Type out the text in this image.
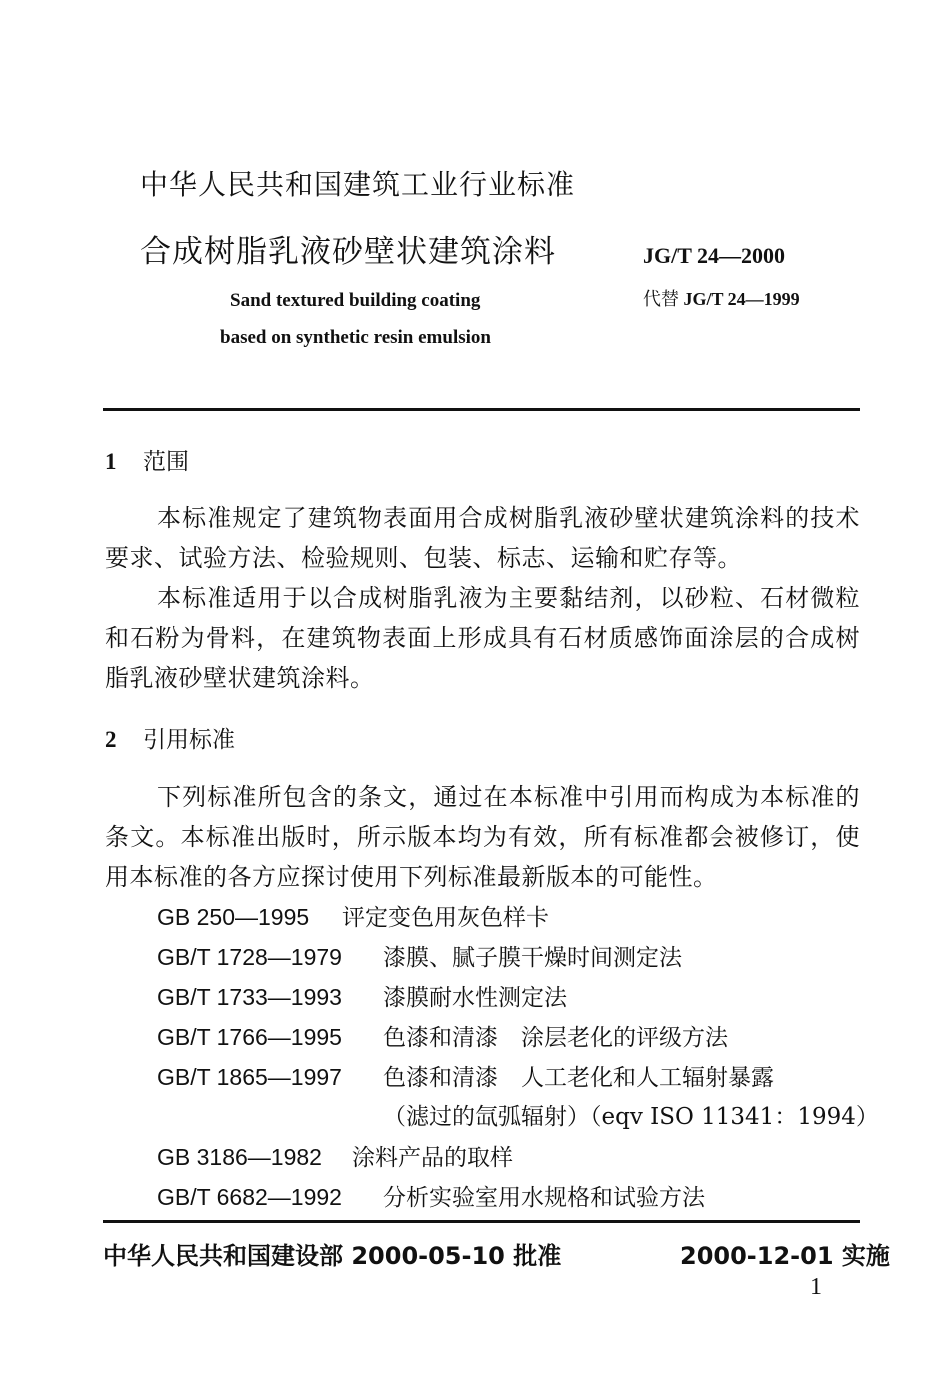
中华人民共和国建筑工业行业标准
合成树脂乳液砂壁状建筑涂料	JG/T 24—2000
代替 JG/T 24—1999
Sand textured building coating
based on synthetic resin emulsion
1 范围
本标准规定了建筑物表面用合成树脂乳液砂壁状建筑涂料的技术要求、试验方法、检验规则、包装、标志、运输和贮存等。
本标准适用于以合成树脂乳液为主要黏结剂，以砂粒、石材微粒和石粉为骨料，在建筑物表面上形成具有石材质感饰面涂层的合成树脂乳液砂壁状建筑涂料。
2 引用标准
下列标准所包含的条文，通过在本标准中引用而构成为本标准的条文。本标准出版时，所示版本均为有效，所有标准都会被修订，使用本标准的各方应探讨使用下列标准最新版本的可能性。
GB 250—1995 评定变色用灰色样卡
GB/T 1728—1979 漆膜、腻子膜干燥时间测定法
GB/T 1733—1993 漆膜耐水性测定法
GB/T 1766—1995 色漆和清漆　涂层老化的评级方法
GB/T 1865—1997 色漆和清漆　人工老化和人工辐射暴露
（滤过的氙弧辐射）（eqv ISO 11341：1994）
GB 3186—1982 涂料产品的取样
GB/T 6682—1992 分析实验室用水规格和试验方法
中华人民共和国建设部 2000-05-10 批准	2000-12-01 实施
1
